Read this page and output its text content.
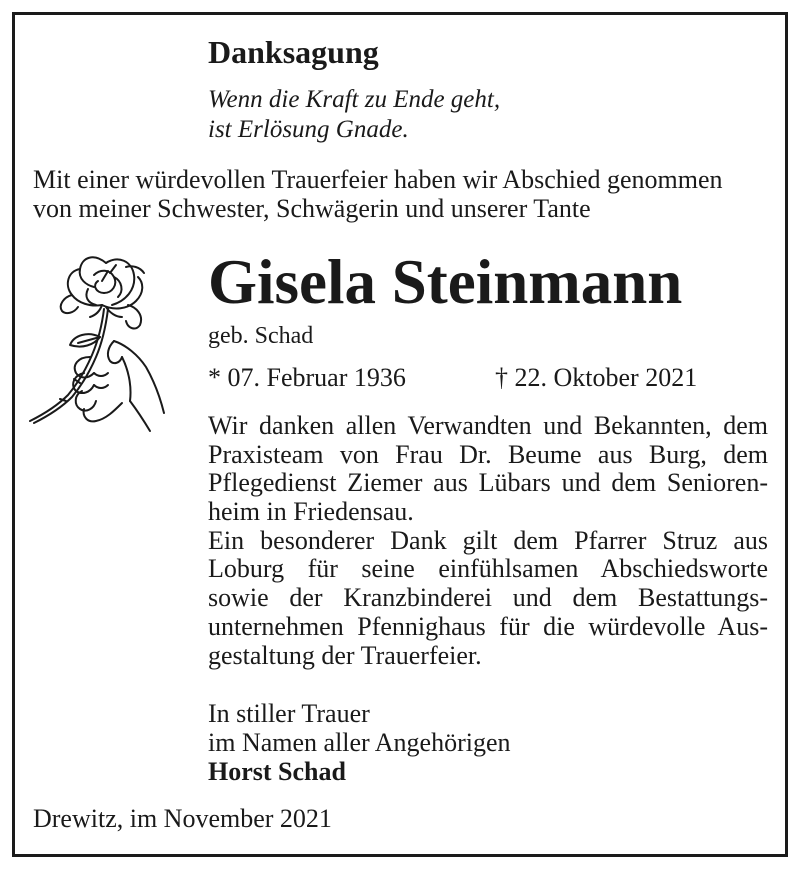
Danksagung

Wenn die Kraft zu Ende geht,

ist Erlösung Gnade.

Mit einer würdevollen Trauerfeier haben wir Abschied genommen

von meiner Schwester, Schwägerin und unserer Tante

Gisela Steinmann

geb. Schad

* 07. Februar 1936	† 22. Oktober 2021

Wir danken allen Verwandten und Bekannten, dem
Praxisteam von Frau Dr. Beume aus Burg, dem
Pflegedienst Ziemer aus Lübars und dem Senioren-
heim in Friedensau.
Ein besonderer Dank gilt dem Pfarrer Struz aus
Loburg für seine einfühlsamen Abschiedsworte
sowie der Kranzbinderei und dem Bestattungs-
unternehmen Pfennighaus für die würdevolle Aus-
gestaltung der Trauerfeier.

In stiller Trauer

im Namen aller Angehörigen

Horst Schad

Drewitz, im November 2021
